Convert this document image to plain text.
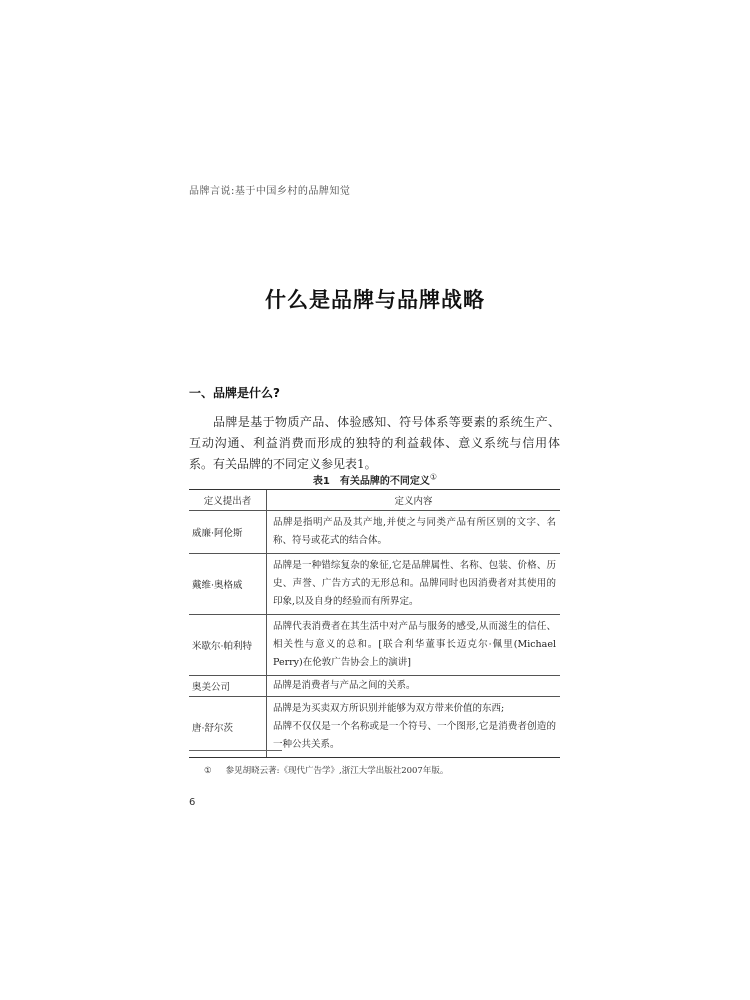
品牌言说:基于中国乡村的品牌知觉
什么是品牌与品牌战略
一、品牌是什么?

品牌是基于物质产品、体验感知、符号体系等要素的系统生产、互动沟通、利益消费而形成的独特的利益载体、意义系统与信用体系。有关品牌的不同定义参见表1。

表1　有关品牌的不同定义①
定义提出者	定义内容
威廉·阿伦斯	品牌是指明产品及其产地,并使之与同类产品有所区别的文字、名称、符号或花式的结合体。

戴维·奥格威	品牌是一种错综复杂的象征,它是品牌属性、名称、包装、价格、历史、声誉、广告方式的无形总和。品牌同时也因消费者对其使用的印象,以及自身的经验而有所界定。

米歇尔·帕利特	品牌代表消费者在其生活中对产品与服务的感受,从而滋生的信任、相关性与意义的总和。[联合利华董事长迈克尔·佩里(Michael Perry)在伦敦广告协会上的演讲]

奥美公司	品牌是消费者与产品之间的关系。

唐·舒尔茨	品牌是为买卖双方所识别并能够为双方带来价值的东西;
品牌不仅仅是一个名称或是一个符号、一个图形,它是消费者创造的一种公共关系。
① 参见胡晓云著:《现代广告学》,浙江大学出版社2007年版。
6
